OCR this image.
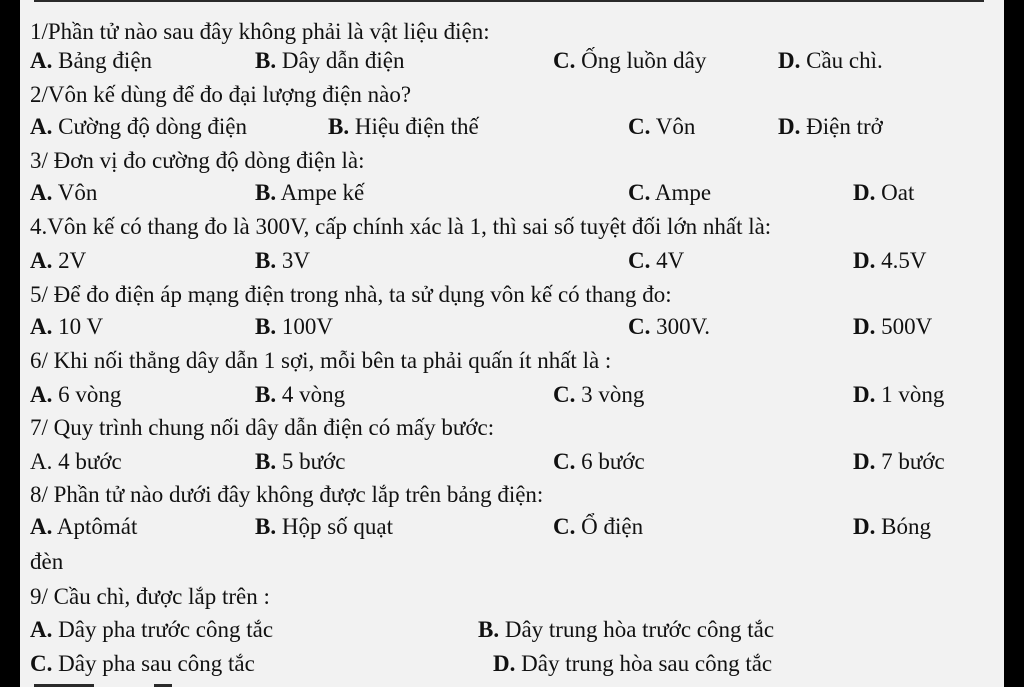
1/Phần tử nào sau đây không phải là vật liệu điện:
A. Bảng điện	B. Dây dẫn điện	C. Ống luồn dây	D. Cầu chì.
2/Vôn kế dùng để đo đại lượng điện nào?
A. Cường độ dòng điện	B. Hiệu điện thế	C. Vôn	D. Điện trở
3/ Đơn vị đo cường độ dòng điện là:
A. Vôn	B. Ampe kế	C. Ampe	D. Oat
4.Vôn kế có thang đo là 300V, cấp chính xác là 1, thì sai số tuyệt đối lớn nhất là:
A. 2V	B. 3V	C. 4V	D. 4.5V
5/ Để đo điện áp mạng điện trong nhà, ta sử dụng vôn kế có thang đo:
A. 10 V	B. 100V	C. 300V.	D. 500V
6/ Khi nối thẳng dây dẫn 1 sợi, mỗi bên ta phải quấn ít nhất là :
A. 6 vòng	B. 4 vòng	C. 3 vòng	D. 1 vòng
7/ Quy trình chung nối dây dẫn điện có mấy bước:
A. 4 bước	B. 5 bước	C. 6 bước	D. 7 bước
8/ Phần tử nào dưới đây không được lắp trên bảng điện:
A. Aptômát	B. Hộp số quạt	C. Ổ điện	D. Bóng
đèn
9/ Cầu chì, được lắp trên :
A. Dây pha trước công tắc	B. Dây trung hòa trước công tắc
C. Dây pha sau công tắc	D. Dây trung hòa sau công tắc
